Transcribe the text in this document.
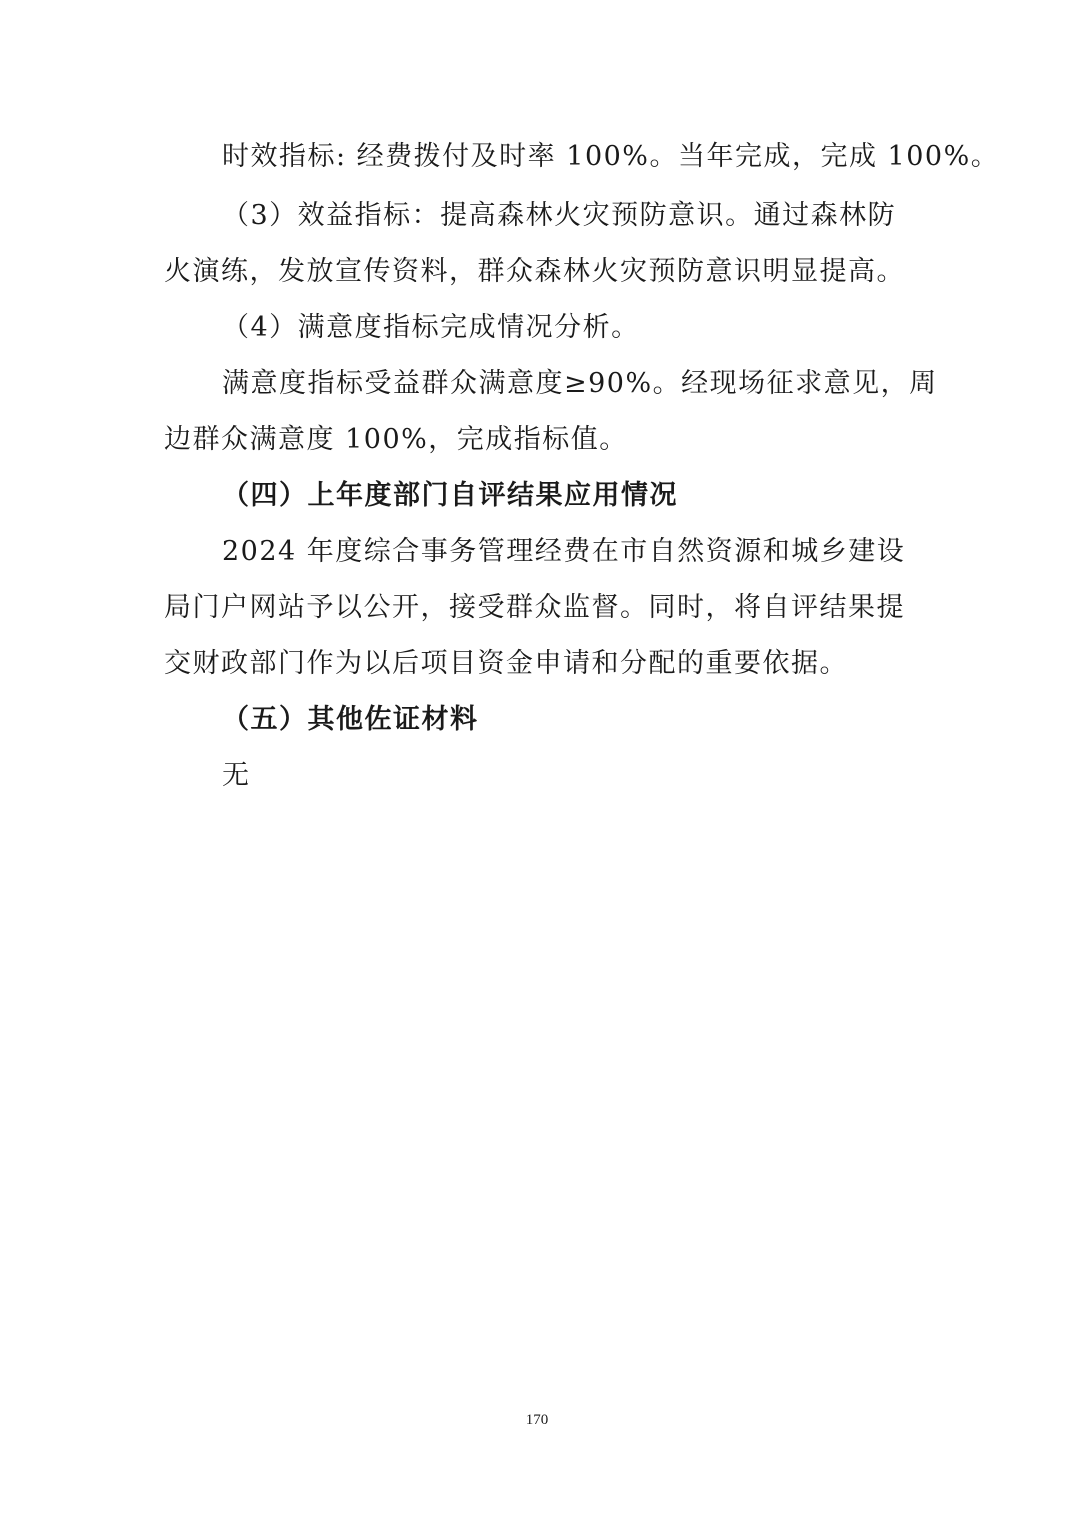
时效指标: 经费拨付及时率 100%。当年完成，完成 100%。
（3）效益指标：提高森林火灾预防意识。通过森林防
火演练，发放宣传资料，群众森林火灾预防意识明显提高。
（4）满意度指标完成情况分析。
满意度指标受益群众满意度≥90%。经现场征求意见，周
边群众满意度 100%，完成指标值。
（四）上年度部门自评结果应用情况
2024 年度综合事务管理经费在市自然资源和城乡建设
局门户网站予以公开，接受群众监督。同时，将自评结果提
交财政部门作为以后项目资金申请和分配的重要依据。
（五）其他佐证材料
无
170
